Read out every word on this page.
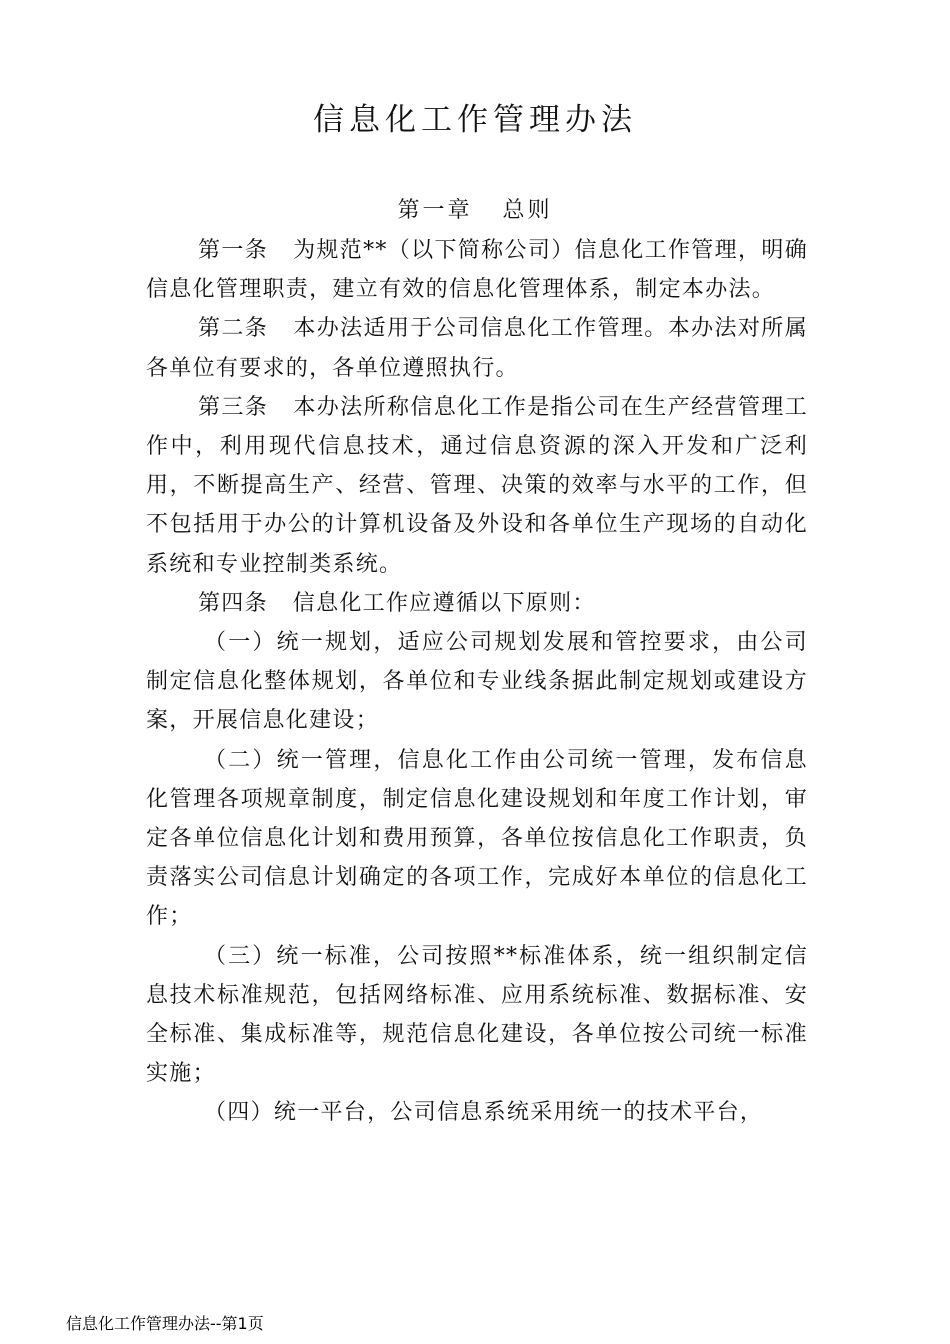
信息化工作管理办法
第一章   总则

第一条   为规范**（以下简称公司）信息化工作管理，明确信息化管理职责，建立有效的信息化管理体系，制定本办法。

第二条   本办法适用于公司信息化工作管理。本办法对所属各单位有要求的，各单位遵照执行。

第三条   本办法所称信息化工作是指公司在生产经营管理工作中，利用现代信息技术，通过信息资源的深入开发和广泛利用，不断提高生产、经营、管理、决策的效率与水平的工作，但不包括用于办公的计算机设备及外设和各单位生产现场的自动化系统和专业控制类系统。

第四条   信息化工作应遵循以下原则：

（一）统一规划，适应公司规划发展和管控要求，由公司制定信息化整体规划，各单位和专业线条据此制定规划或建设方案，开展信息化建设；

（二）统一管理，信息化工作由公司统一管理，发布信息化管理各项规章制度，制定信息化建设规划和年度工作计划，审定各单位信息化计划和费用预算，各单位按信息化工作职责，负责落实公司信息计划确定的各项工作，完成好本单位的信息化工作；

（三）统一标准，公司按照**标准体系，统一组织制定信息技术标准规范，包括网络标准、应用系统标准、数据标准、安全标准、集成标准等，规范信息化建设，各单位按公司统一标准实施；

（四）统一平台，公司信息系统采用统一的技术平台，

信息化工作管理办法--第1页
